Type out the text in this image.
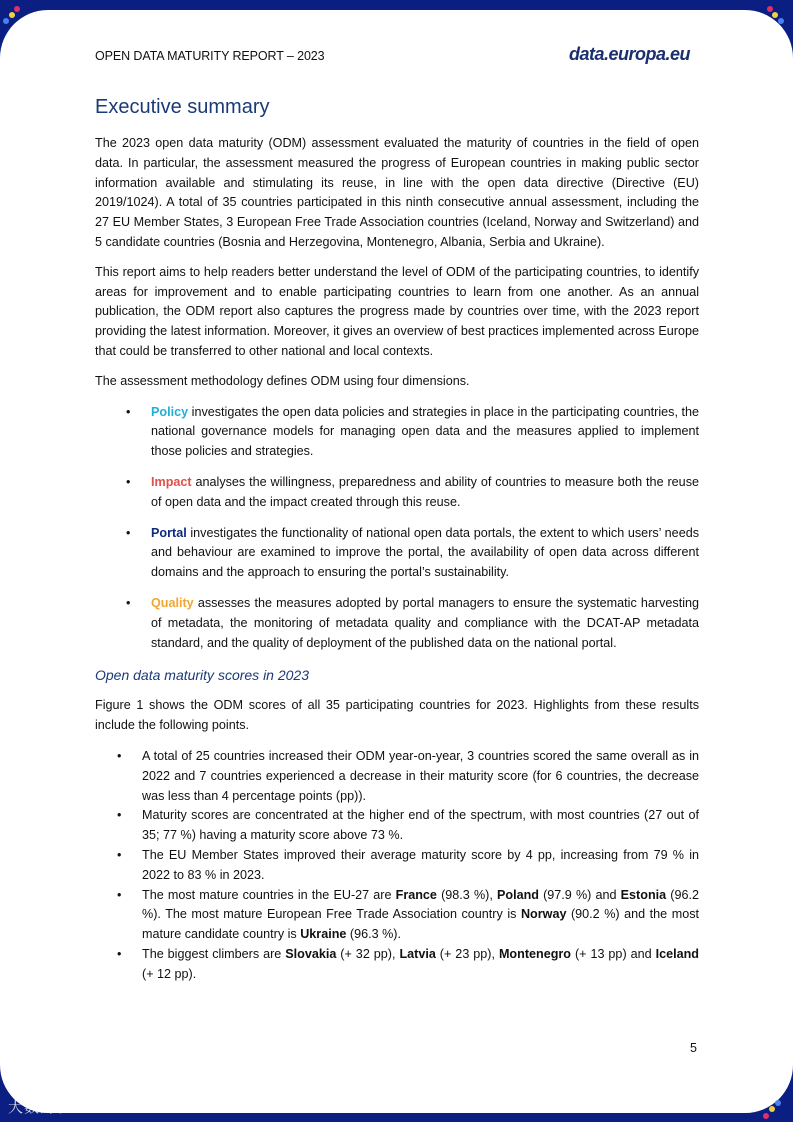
OPEN DATA MATURITY REPORT – 2023	data.europa.eu
Executive summary

The 2023 open data maturity (ODM) assessment evaluated the maturity of countries in the field of open data. In particular, the assessment measured the progress of European countries in making public sector information available and stimulating its reuse, in line with the open data directive (Directive (EU) 2019/1024). A total of 35 countries participated in this ninth consecutive annual assessment, including the 27 EU Member States, 3 European Free Trade Association countries (Iceland, Norway and Switzerland) and 5 candidate countries (Bosnia and Herzegovina, Montenegro, Albania, Serbia and Ukraine).

This report aims to help readers better understand the level of ODM of the participating countries, to identify areas for improvement and to enable participating countries to learn from one another. As an annual publication, the ODM report also captures the progress made by countries over time, with the 2023 report providing the latest information. Moreover, it gives an overview of best practices implemented across Europe that could be transferred to other national and local contexts.

The assessment methodology defines ODM using four dimensions.

• Policy investigates the open data policies and strategies in place in the participating countries, the national governance models for managing open data and the measures applied to implement those policies and strategies.
• Impact analyses the willingness, preparedness and ability of countries to measure both the reuse of open data and the impact created through this reuse.
• Portal investigates the functionality of national open data portals, the extent to which users’ needs and behaviour are examined to improve the portal, the availability of open data across different domains and the approach to ensuring the portal’s sustainability.
• Quality assesses the measures adopted by portal managers to ensure the systematic harvesting of metadata, the monitoring of metadata quality and compliance with the DCAT-AP metadata standard, and the quality of deployment of the published data on the national portal.
Open data maturity scores in 2023

Figure 1 shows the ODM scores of all 35 participating countries for 2023. Highlights from these results include the following points.

• A total of 25 countries increased their ODM year-on-year, 3 countries scored the same overall as in 2022 and 7 countries experienced a decrease in their maturity score (for 6 countries, the decrease was less than 4 percentage points (pp)).
• Maturity scores are concentrated at the higher end of the spectrum, with most countries (27 out of 35; 77 %) having a maturity score above 73 %.
• The EU Member States improved their average maturity score by 4 pp, increasing from 79 % in 2022 to 83 % in 2023.
• The most mature countries in the EU-27 are France (98.3 %), Poland (97.9 %) and Estonia (96.2 %). The most mature European Free Trade Association country is Norway (90.2 %) and the most mature candidate country is Ukraine (96.3 %).
• The biggest climbers are Slovakia (+ 32 pp), Latvia (+ 23 pp), Montenegro (+ 13 pp) and Iceland (+ 12 pp).
5
大数跨境
